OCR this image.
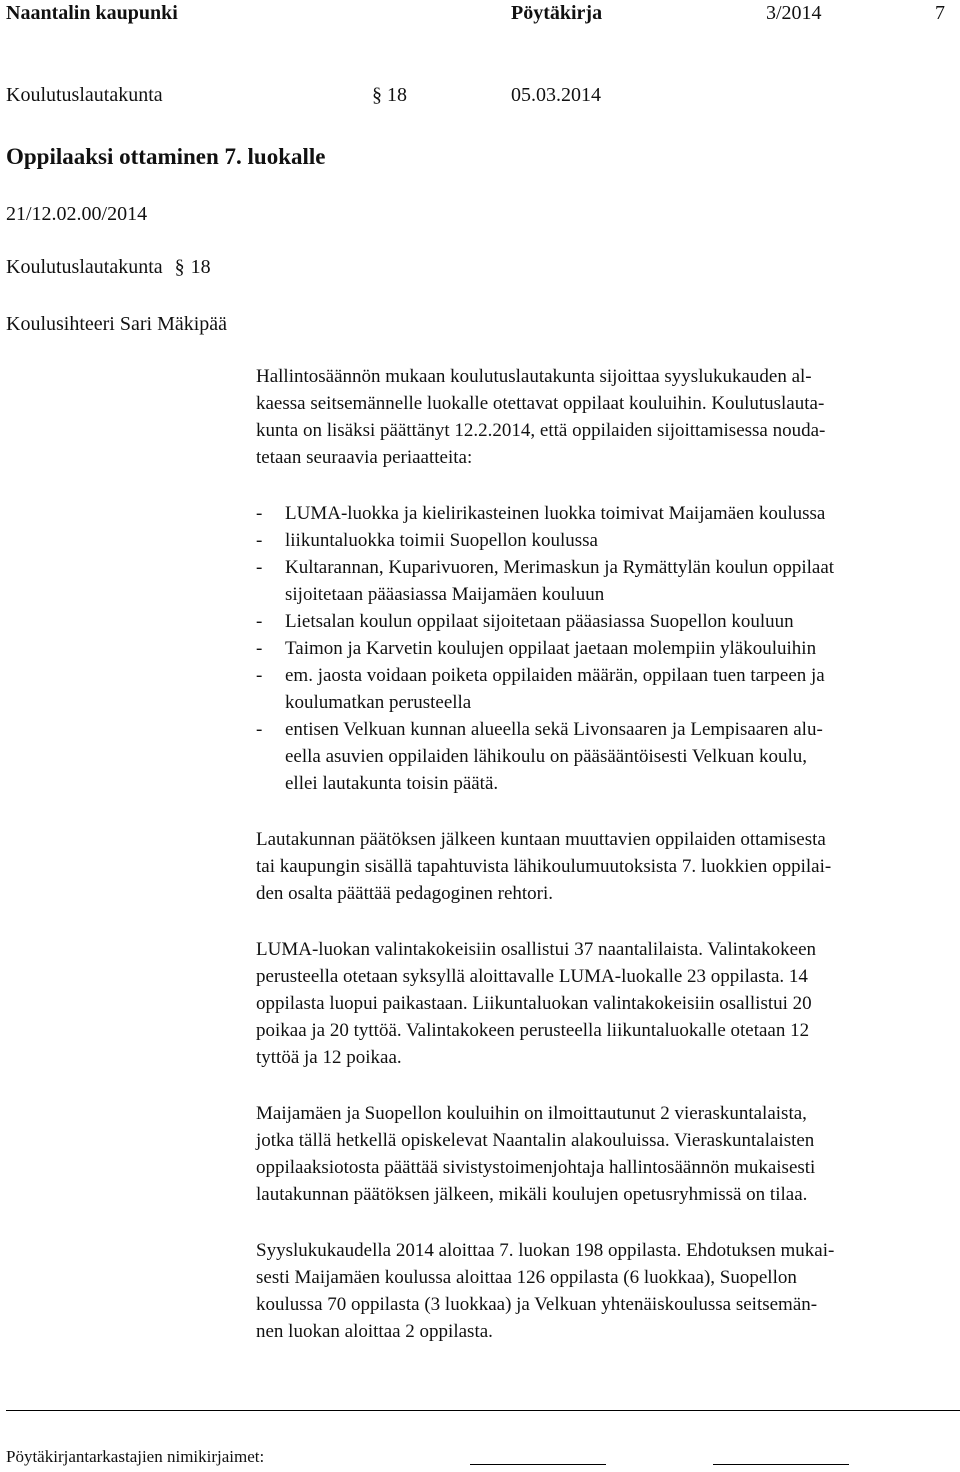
Naantalin kaupunki	Pöytäkirja	3/2014	7
Koulutuslautakunta	§ 18	05.03.2014
Oppilaaksi ottaminen 7. luokalle
21/12.02.00/2014
Koulutuslautakunta § 18
Koulusihteeri Sari Mäkipää
Hallintosäännön mukaan koulutuslautakunta sijoittaa syyslukukauden al-
kaessa seitsemännelle luokalle otettavat oppilaat kouluihin. Koulutuslauta-
kunta on lisäksi päättänyt 12.2.2014, että oppilaiden sijoittamisessa nouda-
tetaan seuraavia periaatteita:
- LUMA-luokka ja kielirikasteinen luokka toimivat Maijamäen koulussa
- liikuntaluokka toimii Suopellon koulussa
- Kultarannan, Kuparivuoren, Merimaskun ja Rymättylän koulun oppilaat
sijoitetaan pääasiassa Maijamäen kouluun
- Lietsalan koulun oppilaat sijoitetaan pääasiassa Suopellon kouluun
- Taimon ja Karvetin koulujen oppilaat jaetaan molempiin yläkouluihin
- em. jaosta voidaan poiketa oppilaiden määrän, oppilaan tuen tarpeen ja
koulumatkan perusteella
- entisen Velkuan kunnan alueella sekä Livonsaaren ja Lempisaaren alu-
eella asuvien oppilaiden lähikoulu on pääsääntöisesti Velkuan koulu,
ellei lautakunta toisin päätä.
Lautakunnan päätöksen jälkeen kuntaan muuttavien oppilaiden ottamisesta
tai kaupungin sisällä tapahtuvista lähikoulumuutoksista 7. luokkien oppilai-
den osalta päättää pedagoginen rehtori.
LUMA-luokan valintakokeisiin osallistui 37 naantalilaista. Valintakokeen
perusteella otetaan syksyllä aloittavalle LUMA-luokalle 23 oppilasta. 14
oppilasta luopui paikastaan. Liikuntaluokan valintakokeisiin osallistui 20
poikaa ja 20 tyttöä. Valintakokeen perusteella liikuntaluokalle otetaan 12
tyttöä ja 12 poikaa.
Maijamäen ja Suopellon kouluihin on ilmoittautunut 2 vieraskuntalaista,
jotka tällä hetkellä opiskelevat Naantalin alakouluissa. Vieraskuntalaisten
oppilaaksiotosta päättää sivistystoimenjohtaja hallintosäännön mukaisesti
lautakunnan päätöksen jälkeen, mikäli koulujen opetusryhmissä on tilaa.
Syyslukukaudella 2014 aloittaa 7. luokan 198 oppilasta. Ehdotuksen mukai-
sesti Maijamäen koulussa aloittaa 126 oppilasta (6 luokkaa), Suopellon
koulussa 70 oppilasta (3 luokkaa) ja Velkuan yhtenäiskoulussa seitsemän-
nen luokan aloittaa 2 oppilasta.
Pöytäkirjantarkastajien nimikirjaimet:
